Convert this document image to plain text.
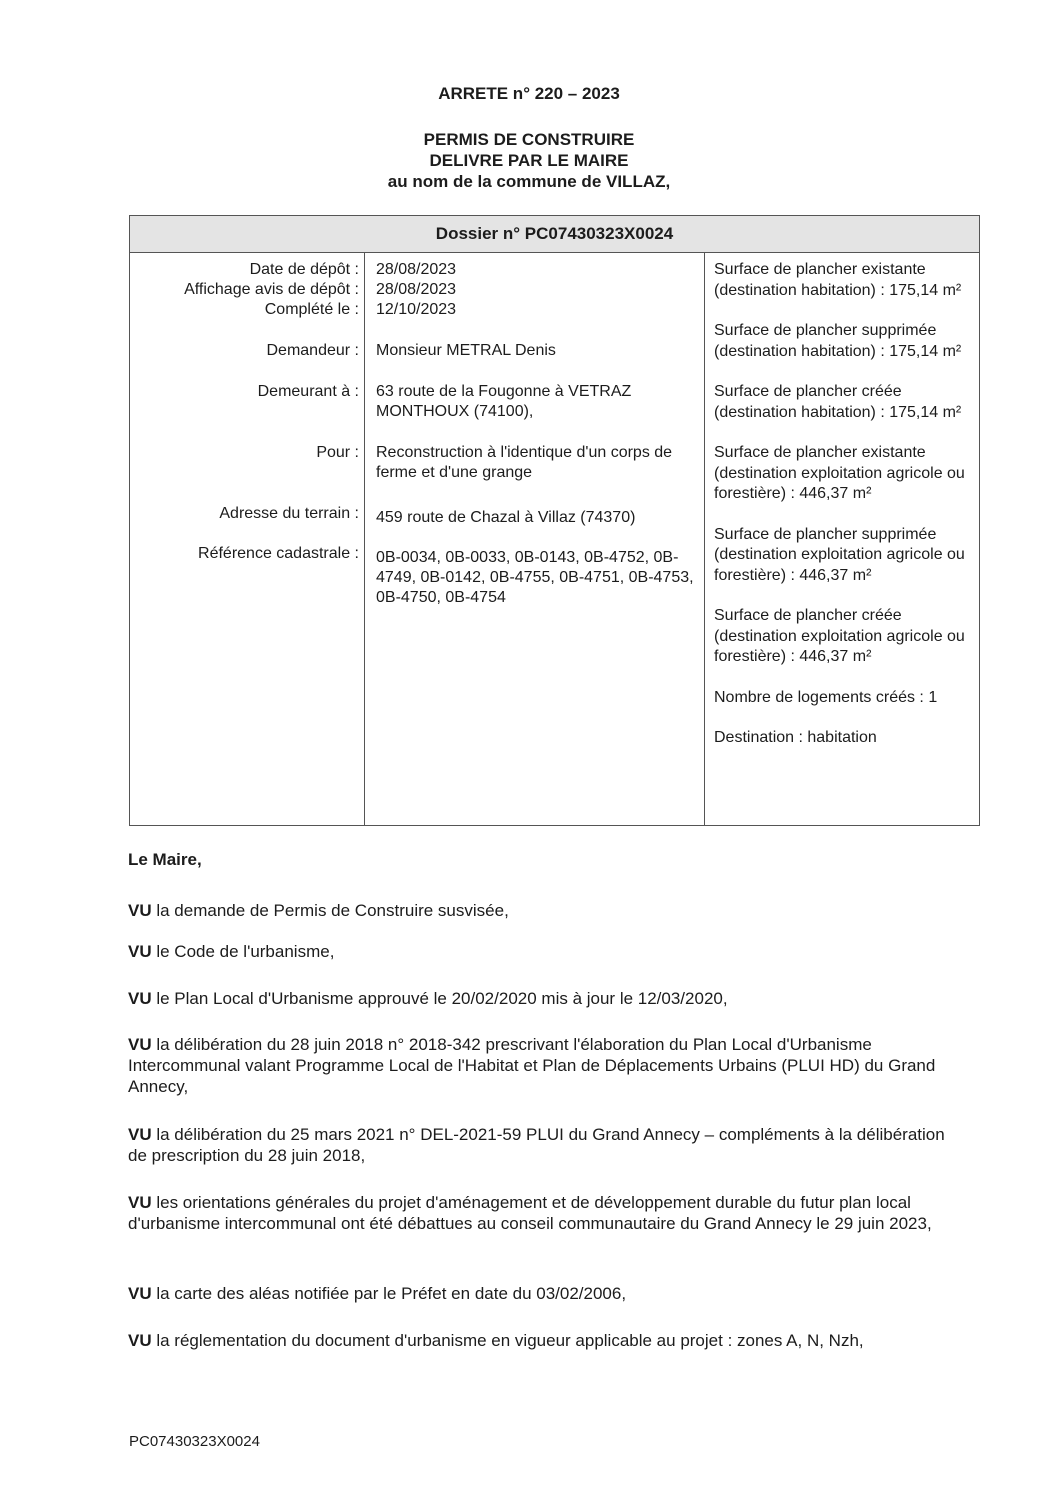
ARRETE n° 220 – 2023
PERMIS DE CONSTRUIRE
DELIVRE PAR LE MAIRE
au nom de la commune de VILLAZ,
Dossier n° PC07430323X0024
Date de dépôt :
Affichage avis de dépôt :
Complété le :
Demandeur :
Demeurant à :
Pour :
Adresse du terrain :
Référence cadastrale :
28/08/2023
28/08/2023
12/10/2023
Monsieur METRAL Denis
63 route de la Fougonne à VETRAZ MONTHOUX (74100),
Reconstruction à l'identique d'un corps de ferme et d'une grange
459 route de Chazal à Villaz (74370)
0B-0034, 0B-0033, 0B-0143, 0B-4752, 0B-4749, 0B-0142, 0B-4755, 0B-4751, 0B-4753, 0B-4750, 0B-4754
Surface de plancher existante (destination habitation) : 175,14 m²
Surface de plancher supprimée (destination habitation) : 175,14 m²
Surface de plancher créée (destination habitation) : 175,14 m²
Surface de plancher existante (destination exploitation agricole ou forestière) : 446,37 m²
Surface de plancher supprimée (destination exploitation agricole ou forestière) : 446,37 m²
Surface de plancher créée (destination exploitation agricole ou forestière) : 446,37 m²
Nombre de logements créés : 1
Destination : habitation
Le Maire,
VU la demande de Permis de Construire susvisée,
VU le Code de l'urbanisme,
VU le Plan Local d'Urbanisme approuvé le 20/02/2020 mis à jour le 12/03/2020,
VU la délibération du 28 juin 2018 n° 2018-342 prescrivant l'élaboration du Plan Local d'Urbanisme Intercommunal valant Programme Local de l'Habitat et Plan de Déplacements Urbains (PLUI HD) du Grand Annecy,
VU la délibération du 25 mars 2021 n° DEL-2021-59 PLUI du Grand Annecy – compléments à la délibération de prescription du 28 juin 2018,
VU les orientations générales du projet d'aménagement et de développement durable du futur plan local d'urbanisme intercommunal ont été débattues au conseil communautaire du Grand Annecy le 29 juin 2023,
VU la carte des aléas notifiée par le Préfet en date du 03/02/2006,
VU la réglementation du document d'urbanisme en vigueur applicable au projet : zones A, N, Nzh,
PC07430323X0024
